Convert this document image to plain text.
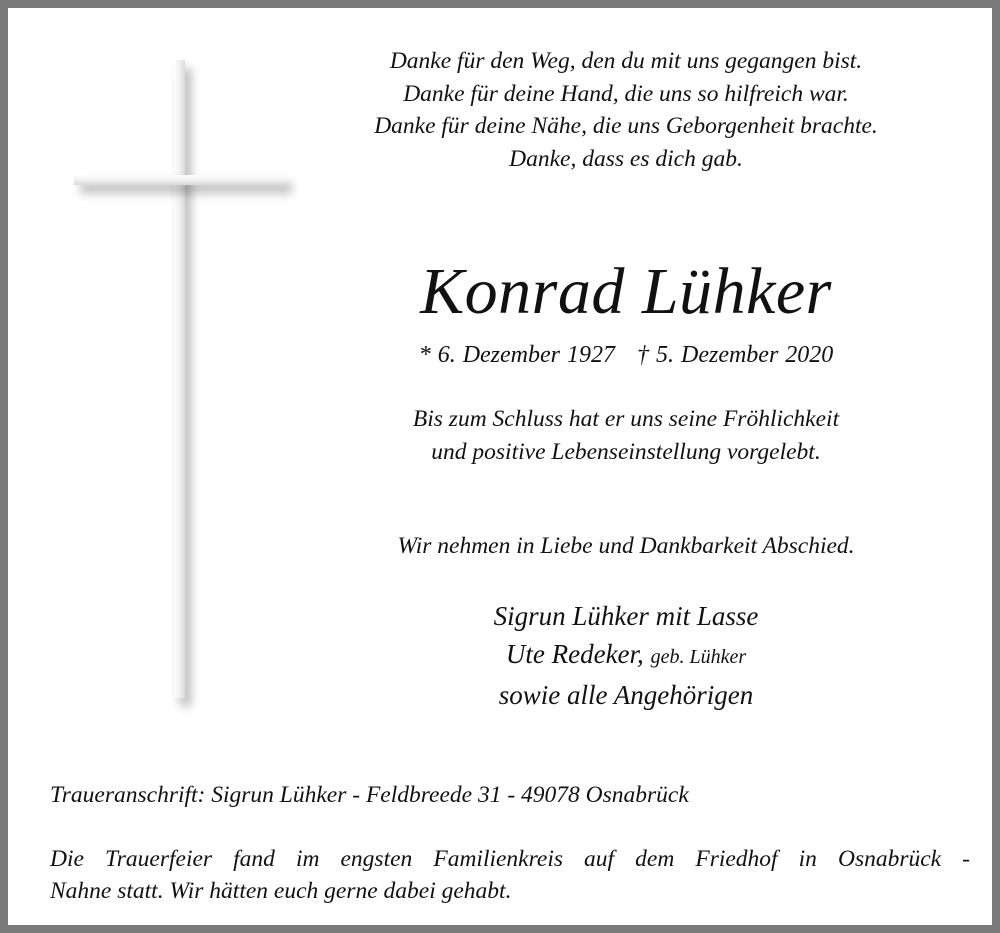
Danke für den Weg, den du mit uns gegangen bist.
Danke für deine Hand, die uns so hilfreich war.
Danke für deine Nähe, die uns Geborgenheit brachte.
Danke, dass es dich gab.
Konrad Lühker
* 6. Dezember 1927 † 5. Dezember 2020
Bis zum Schluss hat er uns seine Fröhlichkeit
und positive Lebenseinstellung vorgelebt.
Wir nehmen in Liebe und Dankbarkeit Abschied.
Sigrun Lühker mit Lasse
Ute Redeker, geb. Lühker
sowie alle Angehörigen
Traueranschrift: Sigrun Lühker - Feldbreede 31 - 49078 Osnabrück
Die Trauerfeier fand im engsten Familienkreis auf dem Friedhof in Osnabrück -
Nahne statt. Wir hätten euch gerne dabei gehabt.
